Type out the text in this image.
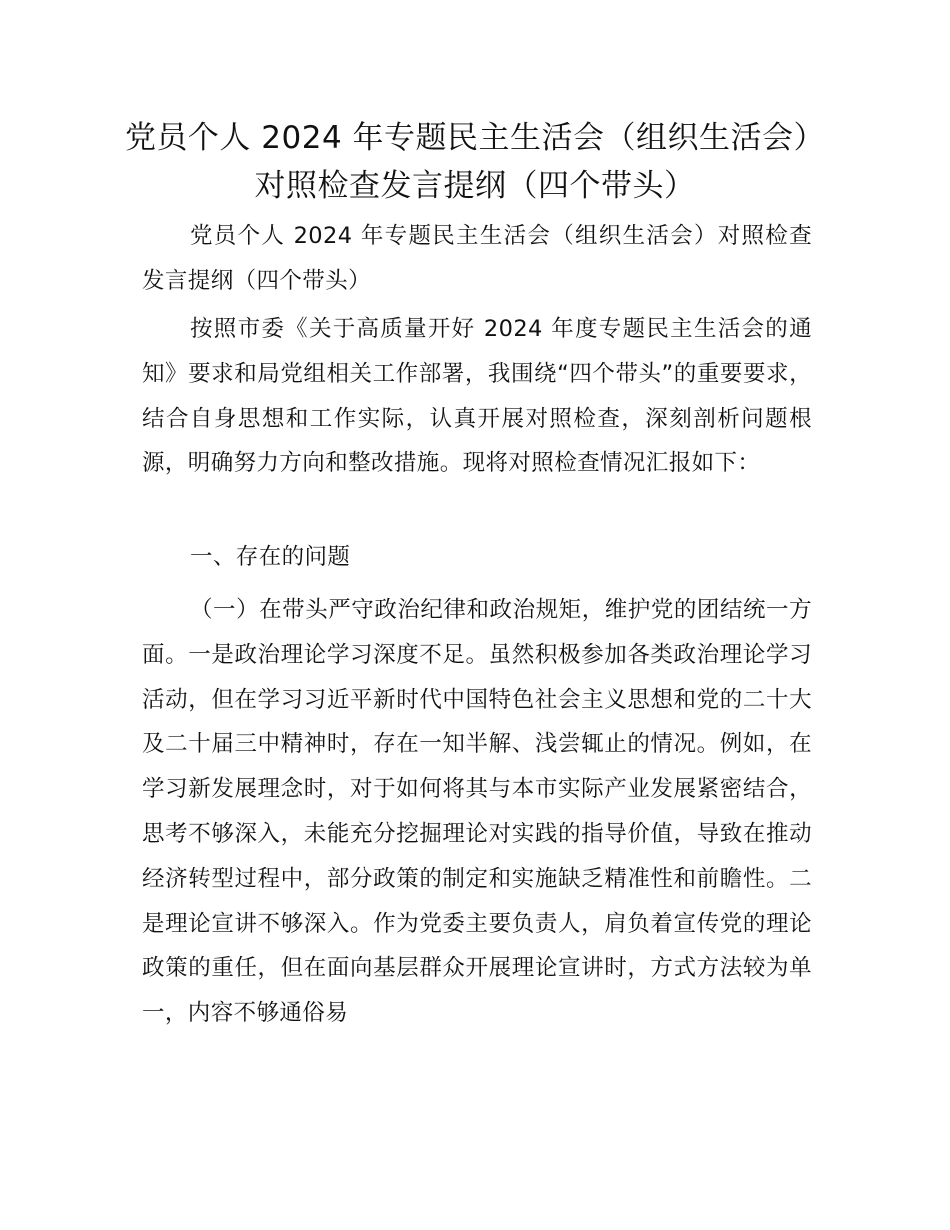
党员个人 2024 年专题民主生活会（组织生活会）对照检查发言提纲（四个带头）

党员个人 2024 年专题民主生活会（组织生活会）对照检查发言提纲（四个带头）

按照市委《关于高质量开好 2024 年度专题民主生活会的通知》要求和局党组相关工作部署，我围绕“四个带头”的重要要求，结合自身思想和工作实际，认真开展对照检查，深刻剖析问题根源，明确努力方向和整改措施。现将对照检查情况汇报如下：

一、存在的问题

（一）在带头严守政治纪律和政治规矩，维护党的团结统一方面。一是政治理论学习深度不足。虽然积极参加各类政治理论学习活动，但在学习习近平新时代中国特色社会主义思想和党的二十大及二十届三中精神时，存在一知半解、浅尝辄止的情况。例如，在学习新发展理念时，对于如何将其与本市实际产业发展紧密结合，思考不够深入，未能充分挖掘理论对实践的指导价值，导致在推动经济转型过程中，部分政策的制定和实施缺乏精准性和前瞻性。二是理论宣讲不够深入。作为党委主要负责人，肩负着宣传党的理论政策的重任，但在面向基层群众开展理论宣讲时，方式方法较为单一，内容不够通俗易
